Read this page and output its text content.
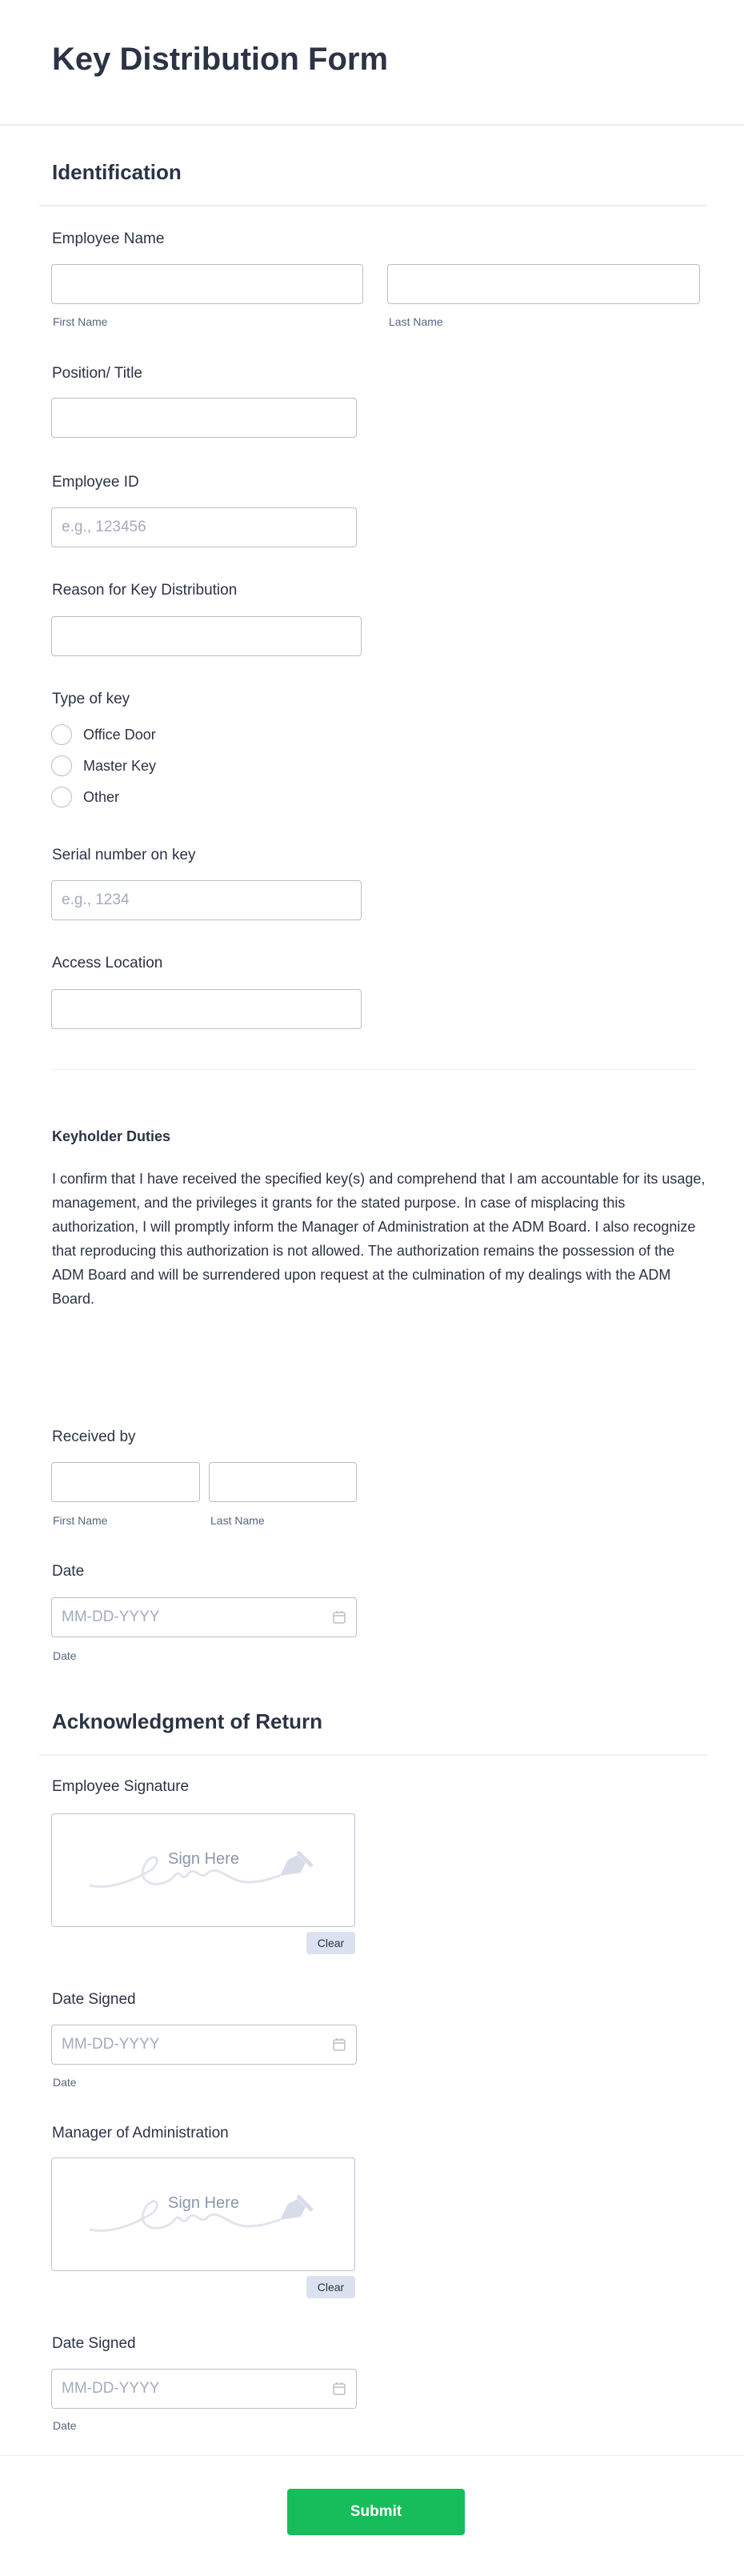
Key Distribution Form
Identification
Employee Name
First Name	Last Name
Position/ Title
Employee ID
e.g., 123456
Reason for Key Distribution
Type of key
Office Door
Master Key
Other
Serial number on key
e.g., 1234
Access Location
Keyholder Duties
I confirm that I have received the specified key(s) and comprehend that I am accountable for its usage, management, and the privileges it grants for the stated purpose. In case of misplacing this authorization, I will promptly inform the Manager of Administration at the ADM Board. I also recognize that reproducing this authorization is not allowed. The authorization remains the possession of the ADM Board and will be surrendered upon request at the culmination of my dealings with the ADM Board.
Received by
First Name	Last Name
Date
MM-DD-YYYY
Date
Acknowledgment of Return
Employee Signature
Sign Here
Clear
Date Signed
MM-DD-YYYY
Date
Manager of Administration
Sign Here
Clear
Date Signed
MM-DD-YYYY
Date
Submit
